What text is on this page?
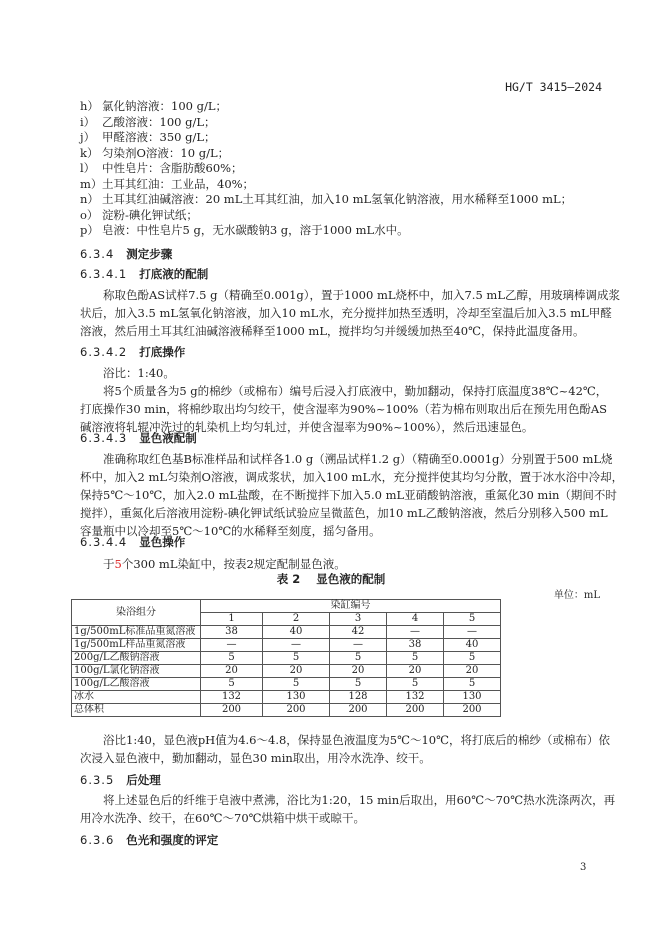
HG/T 3415—2024
h） 氯化钠溶液：100 g/L；
i） 乙酸溶液：100 g/L；
j） 甲醛溶液：350 g/L；
k） 匀染剂O溶液：10 g/L；
l） 中性皂片：含脂肪酸60%；
m）土耳其红油：工业品，40%；
n） 土耳其红油碱溶液：20 mL土耳其红油，加入10 mL氢氧化钠溶液，用水稀释至1000 mL；
o） 淀粉-碘化钾试纸；
p） 皂液：中性皂片5 g，无水碳酸钠3 g，溶于1000 mL水中。
6.3.4 测定步骤
6.3.4.1 打底液的配制
称取色酚AS试样7.5 g（精确至0.001g），置于1000 mL烧杯中，加入7.5 mL乙醇，用玻璃棒调成浆
状后，加入3.5 mL氢氧化钠溶液，加入10 mL水，充分搅拌加热至透明，冷却至室温后加入3.5 mL甲醛
溶液，然后用土耳其红油碱溶液稀释至1000 mL，搅拌均匀并缓缓加热至40℃，保持此温度备用。
6.3.4.2 打底操作
浴比：1:40。
将5个质量各为5 g的棉纱（或棉布）编号后浸入打底液中，勤加翻动，保持打底温度38℃~42℃，
打底操作30 min，将棉纱取出均匀绞干，使含湿率为90%~100%（若为棉布则取出后在预先用色酚AS
碱溶液将轧辊冲洗过的轧染机上均匀轧过，并使含湿率为90%~100%），然后迅速显色。
6.3.4.3 显色液配制
准确称取红色基B标准样品和试样各1.0 g（溯品试样1.2 g）（精确至0.0001g）分别置于500 mL烧
杯中，加入2 mL匀染剂O溶液，调成浆状，加入100 mL水，充分搅拌使其均匀分散，置于冰水浴中冷却，
保持5℃～10℃，加入2.0 mL盐酸，在不断搅拌下加入5.0 mL亚硝酸钠溶液，重氮化30 min（期间不时
搅拌），重氮化后溶液用淀粉-碘化钾试纸试验应呈微蓝色，加10 mL乙酸钠溶液，然后分别移入500 mL
容量瓶中以冷却至5℃～10℃的水稀释至刻度，摇匀备用。
6.3.4.4 显色操作
于5个300 mL染缸中，按表2规定配制显色液。
表 2 显色液的配制
单位：mL
染浴组分	染缸编号				
	1	2	3	4	5
1g/500mL标准品重氮溶液	38	40	42	—	—
1g/500mL样品重氮溶液	—	—	—	38	40
200g/L乙酸钠溶液	5	5	5	5	5
100g/L氯化钠溶液	20	20	20	20	20
100g/L乙酸溶液	5	5	5	5	5
冰水	132	130	128	132	130
总体积	200	200	200	200	200
浴比1:40，显色液pH值为4.6～4.8，保持显色液温度为5℃～10℃，将打底后的棉纱（或棉布）依
次浸入显色液中，勤加翻动，显色30 min取出，用冷水洗净、绞干。
6.3.5 后处理
将上述显色后的纤维于皂液中煮沸，浴比为1:20，15 min后取出，用60℃～70℃热水洗涤两次，再
用冷水洗净、绞干，在60℃～70℃烘箱中烘干或晾干。
6.3.6 色光和强度的评定
3
